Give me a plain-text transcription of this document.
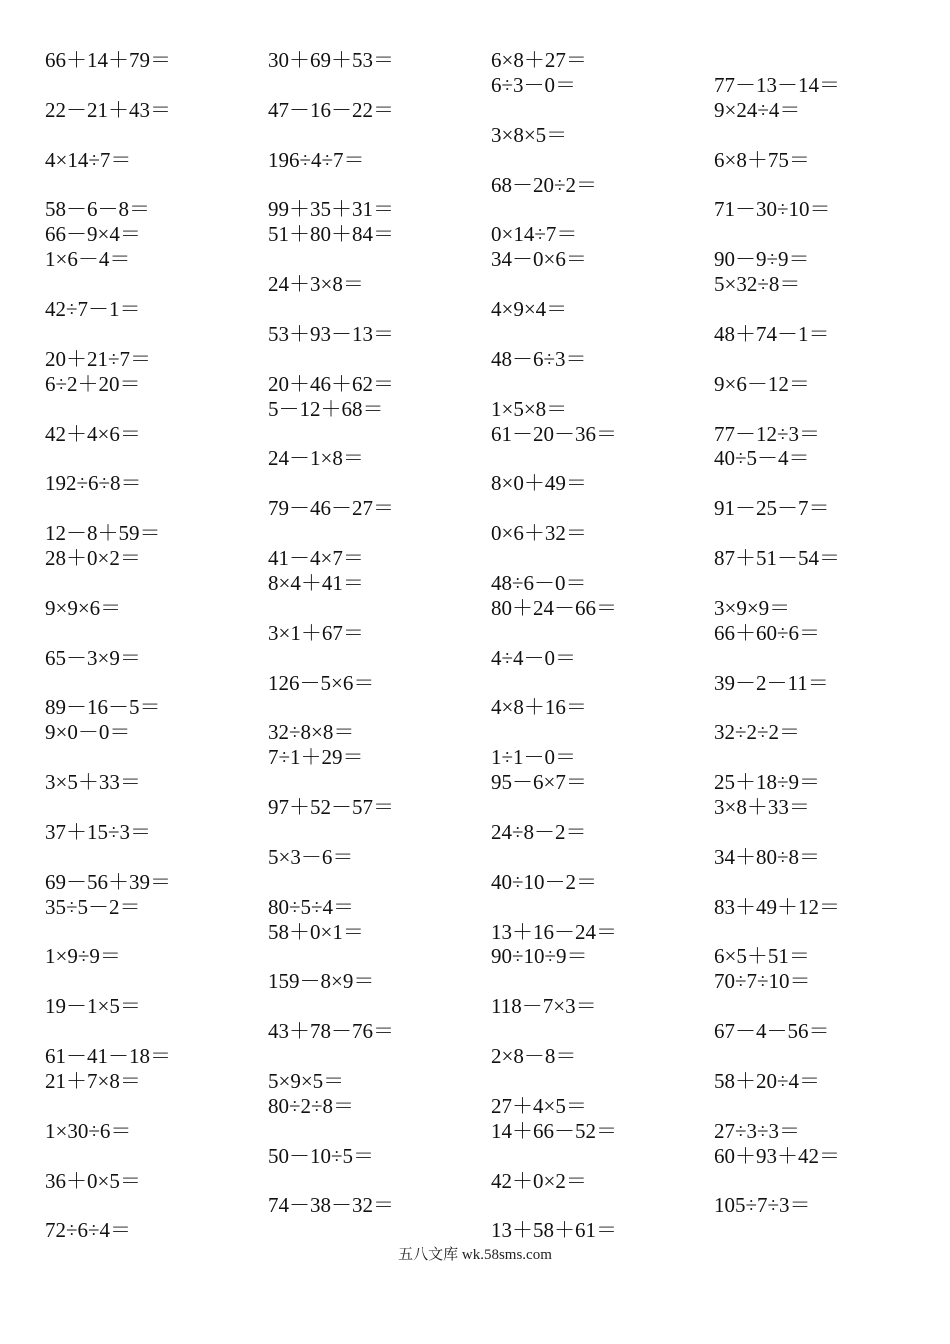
66＋14＋79＝
22－21＋43＝
4×14÷7＝
58－6－8＝
66－9×4＝
1×6－4＝
42÷7－1＝
20＋21÷7＝
6÷2＋20＝
42＋4×6＝
192÷6÷8＝
12－8＋59＝
28＋0×2＝
9×9×6＝
65－3×9＝
89－16－5＝
9×0－0＝
3×5＋33＝
37＋15÷3＝
69－56＋39＝
35÷5－2＝
1×9÷9＝
19－1×5＝
61－41－18＝
21＋7×8＝
1×30÷6＝
36＋0×5＝
72÷6÷4＝
30＋69＋53＝
47－16－22＝
196÷4÷7＝
99＋35＋31＝
51＋80＋84＝
24＋3×8＝
53＋93－13＝
20＋46＋62＝
5－12＋68＝
24－1×8＝
79－46－27＝
41－4×7＝
8×4＋41＝
3×1＋67＝
126－5×6＝
32÷8×8＝
7÷1＋29＝
97＋52－57＝
5×3－6＝
80÷5÷4＝
58＋0×1＝
159－8×9＝
43＋78－76＝
5×9×5＝
80÷2÷8＝
50－10÷5＝
74－38－32＝
6×8＋27＝
6÷3－0＝
3×8×5＝
68－20÷2＝
0×14÷7＝
34－0×6＝
4×9×4＝
48－6÷3＝
1×5×8＝
61－20－36＝
8×0＋49＝
0×6＋32＝
48÷6－0＝
80＋24－66＝
4÷4－0＝
4×8＋16＝
1÷1－0＝
95－6×7＝
24÷8－2＝
40÷10－2＝
13＋16－24＝
90÷10÷9＝
118－7×3＝
2×8－8＝
27＋4×5＝
14＋66－52＝
42＋0×2＝
13＋58＋61＝
77－13－14＝
9×24÷4＝
6×8＋75＝
71－30÷10＝
90－9÷9＝
5×32÷8＝
48＋74－1＝
9×6－12＝
77－12÷3＝
40÷5－4＝
91－25－7＝
87＋51－54＝
3×9×9＝
66＋60÷6＝
39－2－11＝
32÷2÷2＝
25＋18÷9＝
3×8＋33＝
34＋80÷8＝
83＋49＋12＝
6×5＋51＝
70÷7÷10＝
67－4－56＝
58＋20÷4＝
27÷3÷3＝
60＋93＋42＝
105÷7÷3＝
五八文库 wk.58sms.com
